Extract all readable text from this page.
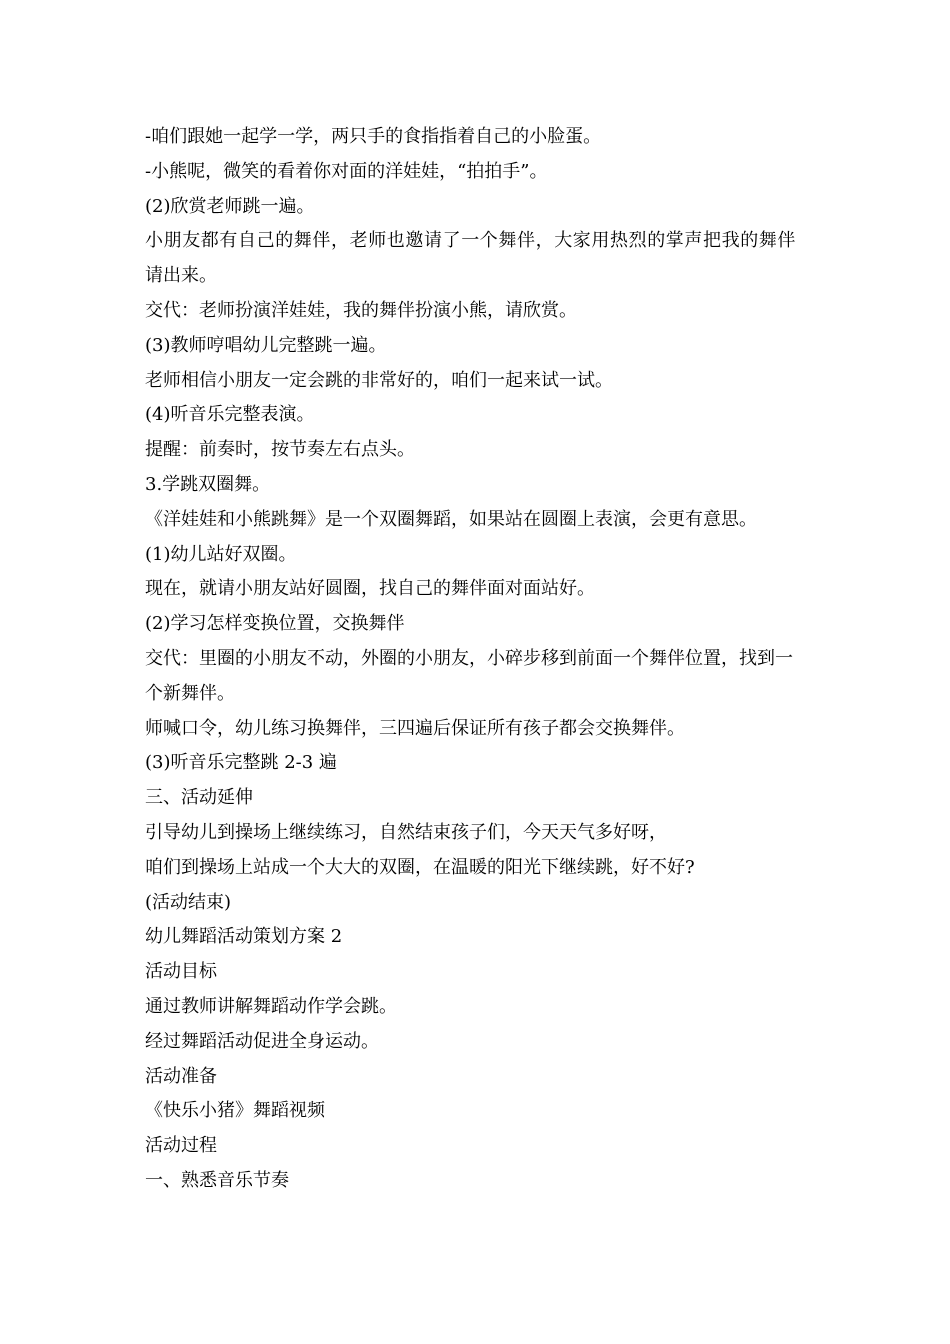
-咱们跟她一起学一学，两只手的食指指着自己的小脸蛋。
-小熊呢，微笑的看着你对面的洋娃娃，“拍拍手”。
(2)欣赏老师跳一遍。
小朋友都有自己的舞伴，老师也邀请了一个舞伴，大家用热烈的掌声把我的舞伴
请出来。
交代：老师扮演洋娃娃，我的舞伴扮演小熊，请欣赏。
(3)教师哼唱幼儿完整跳一遍。
老师相信小朋友一定会跳的非常好的，咱们一起来试一试。
(4)听音乐完整表演。
提醒：前奏时，按节奏左右点头。
3.学跳双圈舞。
《洋娃娃和小熊跳舞》是一个双圈舞蹈，如果站在圆圈上表演，会更有意思。
(1)幼儿站好双圈。
现在，就请小朋友站好圆圈，找自己的舞伴面对面站好。
(2)学习怎样变换位置，交换舞伴
交代：里圈的小朋友不动，外圈的小朋友，小碎步移到前面一个舞伴位置，找到一
个新舞伴。
师喊口令，幼儿练习换舞伴，三四遍后保证所有孩子都会交换舞伴。
(3)听音乐完整跳 2-3 遍
三、活动延伸
引导幼儿到操场上继续练习，自然结束孩子们，今天天气多好呀，
咱们到操场上站成一个大大的双圈，在温暖的阳光下继续跳，好不好?
(活动结束)
幼儿舞蹈活动策划方案 2
活动目标
通过教师讲解舞蹈动作学会跳。
经过舞蹈活动促进全身运动。
活动准备
《快乐小猪》舞蹈视频
活动过程
一、熟悉音乐节奏
